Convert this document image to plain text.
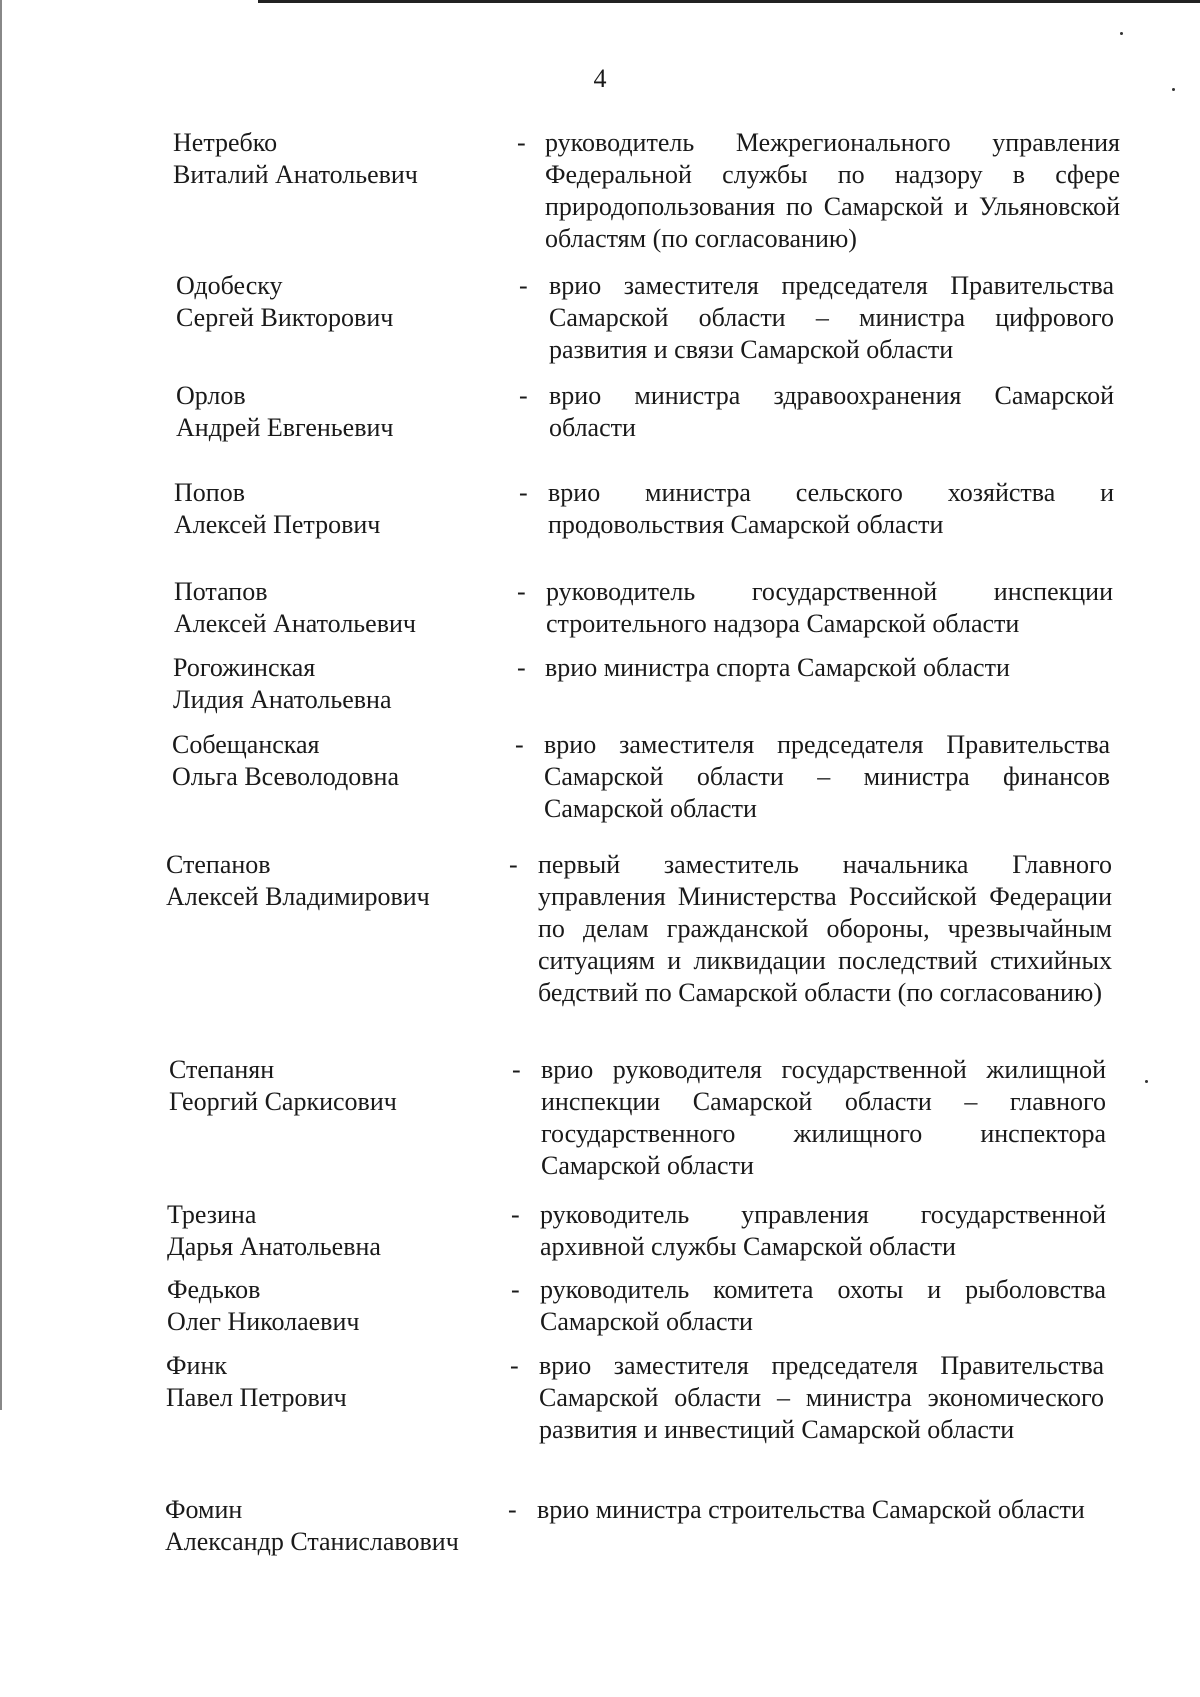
4
Нетребко
Виталий Анатольевич
- руководитель Межрегионального управления Федеральной службы по надзору в сфере природопользования по Самарской и Ульяновской областям (по согласованию)
Одобеску
Сергей Викторович
- врио заместителя председателя Правительства Самарской области – министра цифрового развития и связи Самарской области
Орлов
Андрей Евгеньевич
- врио министра здравоохранения Самарской области
Попов
Алексей Петрович
- врио министра сельского хозяйства и продовольствия Самарской области
Потапов
Алексей Анатольевич
- руководитель государственной инспекции строительного надзора Самарской области
Рогожинская
Лидия Анатольевна
- врио министра спорта Самарской области
Собещанская
Ольга Всеволодовна
- врио заместителя председателя Правительства Самарской области – министра финансов Самарской области
Степанов
Алексей Владимирович
- первый заместитель начальника Главного управления Министерства Российской Федерации по делам гражданской обороны, чрезвычайным ситуациям и ликвидации последствий стихийных бедствий по Самарской области (по согласованию)
Степанян
Георгий Саркисович
- врио руководителя государственной жилищной инспекции Самарской области – главного государственного жилищного инспектора Самарской области
Трезина
Дарья Анатольевна
- руководитель управления государственной архивной службы Самарской области
Федьков
Олег Николаевич
- руководитель комитета охоты и рыболовства Самарской области
Финк
Павел Петрович
- врио заместителя председателя Правительства Самарской области – министра экономического развития и инвестиций Самарской области
Фомин
Александр Станиславович
- врио министра строительства Самарской области
